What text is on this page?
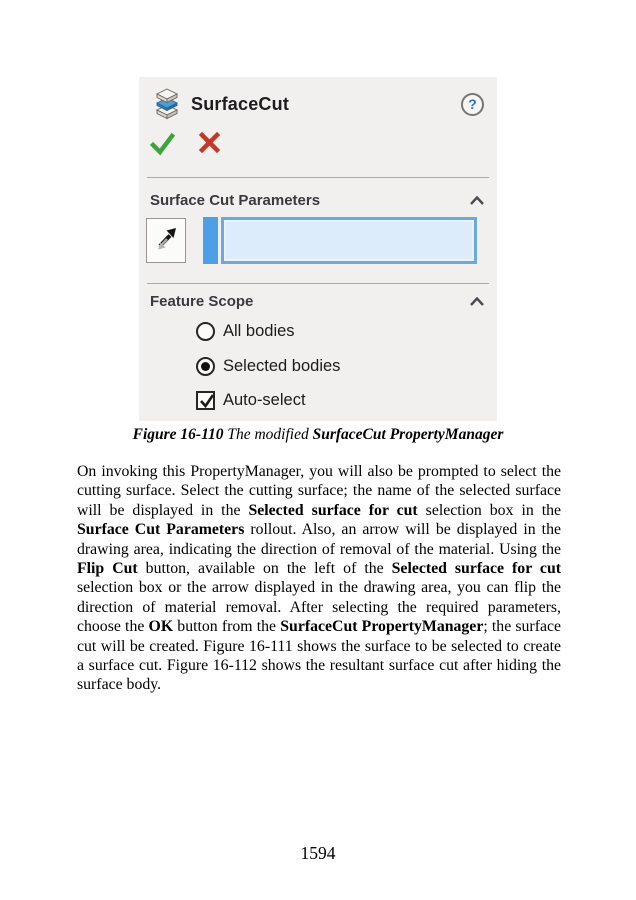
SurfaceCut	?
Surface Cut Parameters
Feature Scope
All bodies
Selected bodies
Auto-select
Figure 16-110 The modified SurfaceCut PropertyManager

On invoking this PropertyManager, you will also be prompted to select the cutting surface. Select the cutting surface; the name of the selected surface will be displayed in the Selected surface for cut selection box in the Surface Cut Parameters rollout. Also, an arrow will be displayed in the drawing area, indicating the direction of removal of the material. Using the Flip Cut button, available on the left of the Selected surface for cut selection box or the arrow displayed in the drawing area, you can flip the direction of material removal. After selecting the required parameters, choose the OK button from the SurfaceCut PropertyManager; the surface cut will be created. Figure 16-111 shows the surface to be selected to create a surface cut. Figure 16-112 shows the resultant surface cut after hiding the surface body.

1594
